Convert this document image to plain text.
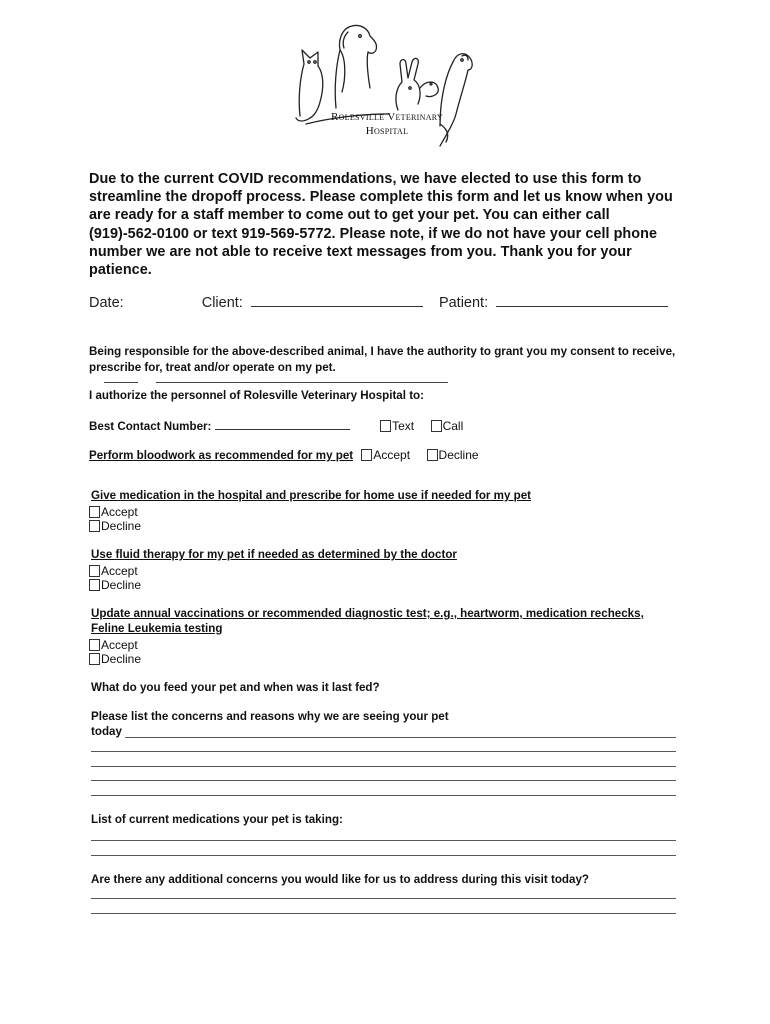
Rolesville Veterinary
Hospital
Due to the current COVID recommendations, we have elected to use this form to streamline the dropoff process. Please complete this form and let us know when you are ready for a staff member to come out to get your pet. You can either call (919)-562-0100 or text 919-569-5772. Please note, if we do not have your cell phone number we are not able to receive text messages from you. Thank you for your patience.
Date:	Client:	Patient:
Being responsible for the above-described animal, I have the authority to grant you my consent to receive, prescribe for, treat and/or operate on my pet.
I authorize the personnel of Rolesville Veterinary Hospital to:
Best Contact Number:	Text Call
Perform bloodwork as recommended for my pet Accept Decline
Give medication in the hospital and prescribe for home use if needed for my pet
Accept
Decline
Use fluid therapy for my pet if needed as determined by the doctor
Accept
Decline
Update annual vaccinations or recommended diagnostic test; e.g., heartworm, medication rechecks, Feline Leukemia testing
Accept
Decline
What do you feed your pet and when was it last fed?
Please list the concerns and reasons why we are seeing your pet
today
List of current medications your pet is taking:
Are there any additional concerns you would like for us to address during this visit today?
